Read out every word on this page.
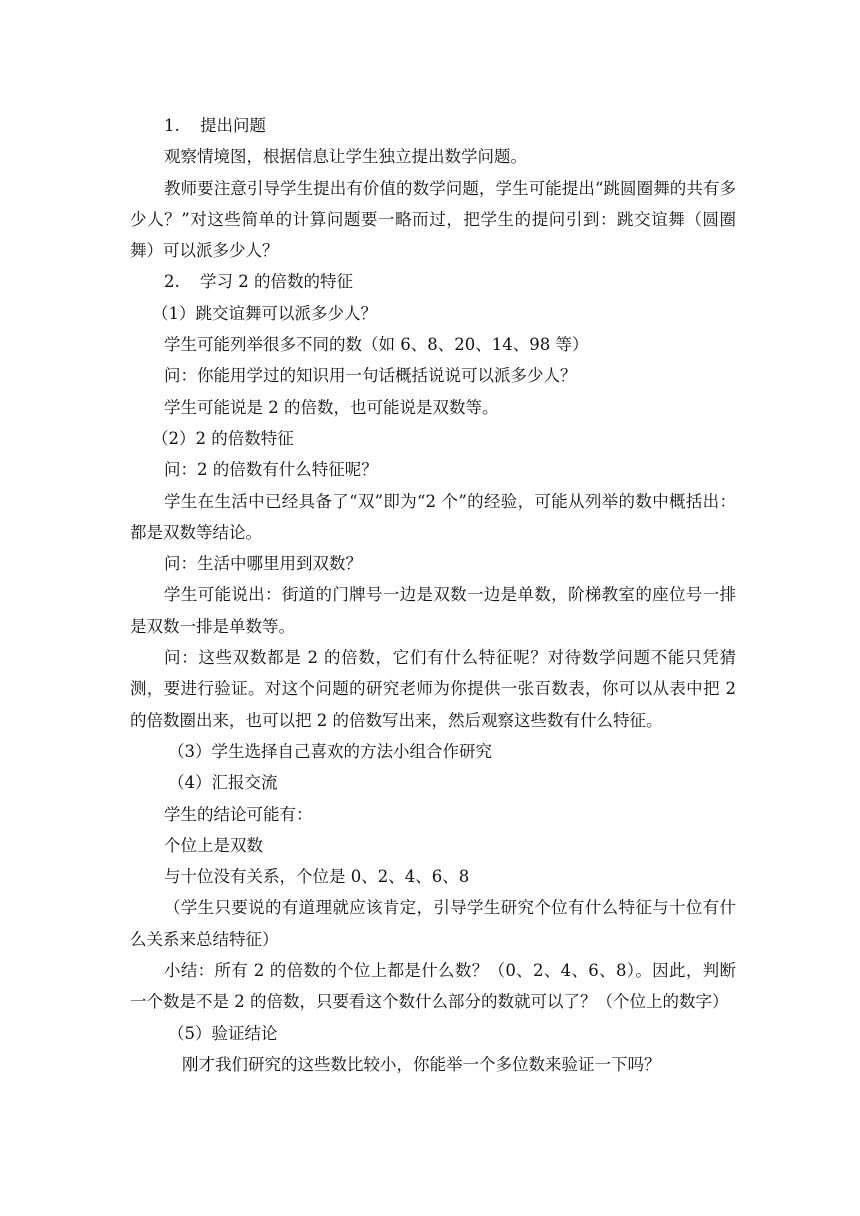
1. 提出问题

观察情境图，根据信息让学生独立提出数学问题。

教师要注意引导学生提出有价值的数学问题，学生可能提出“跳圆圈舞的共有多少人？”对这些简单的计算问题要一略而过，把学生的提问引到：跳交谊舞（圆圈舞）可以派多少人？

2. 学习 2 的倍数的特征

（1）跳交谊舞可以派多少人？

学生可能列举很多不同的数（如 6、8、20、14、98 等）

问：你能用学过的知识用一句话概括说说可以派多少人？

学生可能说是 2 的倍数，也可能说是双数等。

（2）2 的倍数特征

问：2 的倍数有什么特征呢？

学生在生活中已经具备了“双”即为“2 个”的经验，可能从列举的数中概括出：都是双数等结论。

问：生活中哪里用到双数？

学生可能说出：街道的门牌号一边是双数一边是单数，阶梯教室的座位号一排是双数一排是单数等。

问：这些双数都是 2 的倍数，它们有什么特征呢？对待数学问题不能只凭猜测，要进行验证。对这个问题的研究老师为你提供一张百数表，你可以从表中把 2 的倍数圈出来，也可以把 2 的倍数写出来，然后观察这些数有什么特征。

（3）学生选择自己喜欢的方法小组合作研究

（4）汇报交流

学生的结论可能有：

个位上是双数

与十位没有关系，个位是 0、2、4、6、8

（学生只要说的有道理就应该肯定，引导学生研究个位有什么特征与十位有什么关系来总结特征）

小结：所有 2 的倍数的个位上都是什么数？（0、2、4、6、8）。因此，判断一个数是不是 2 的倍数，只要看这个数什么部分的数就可以了？（个位上的数字）

（5）验证结论

刚才我们研究的这些数比较小，你能举一个多位数来验证一下吗？
